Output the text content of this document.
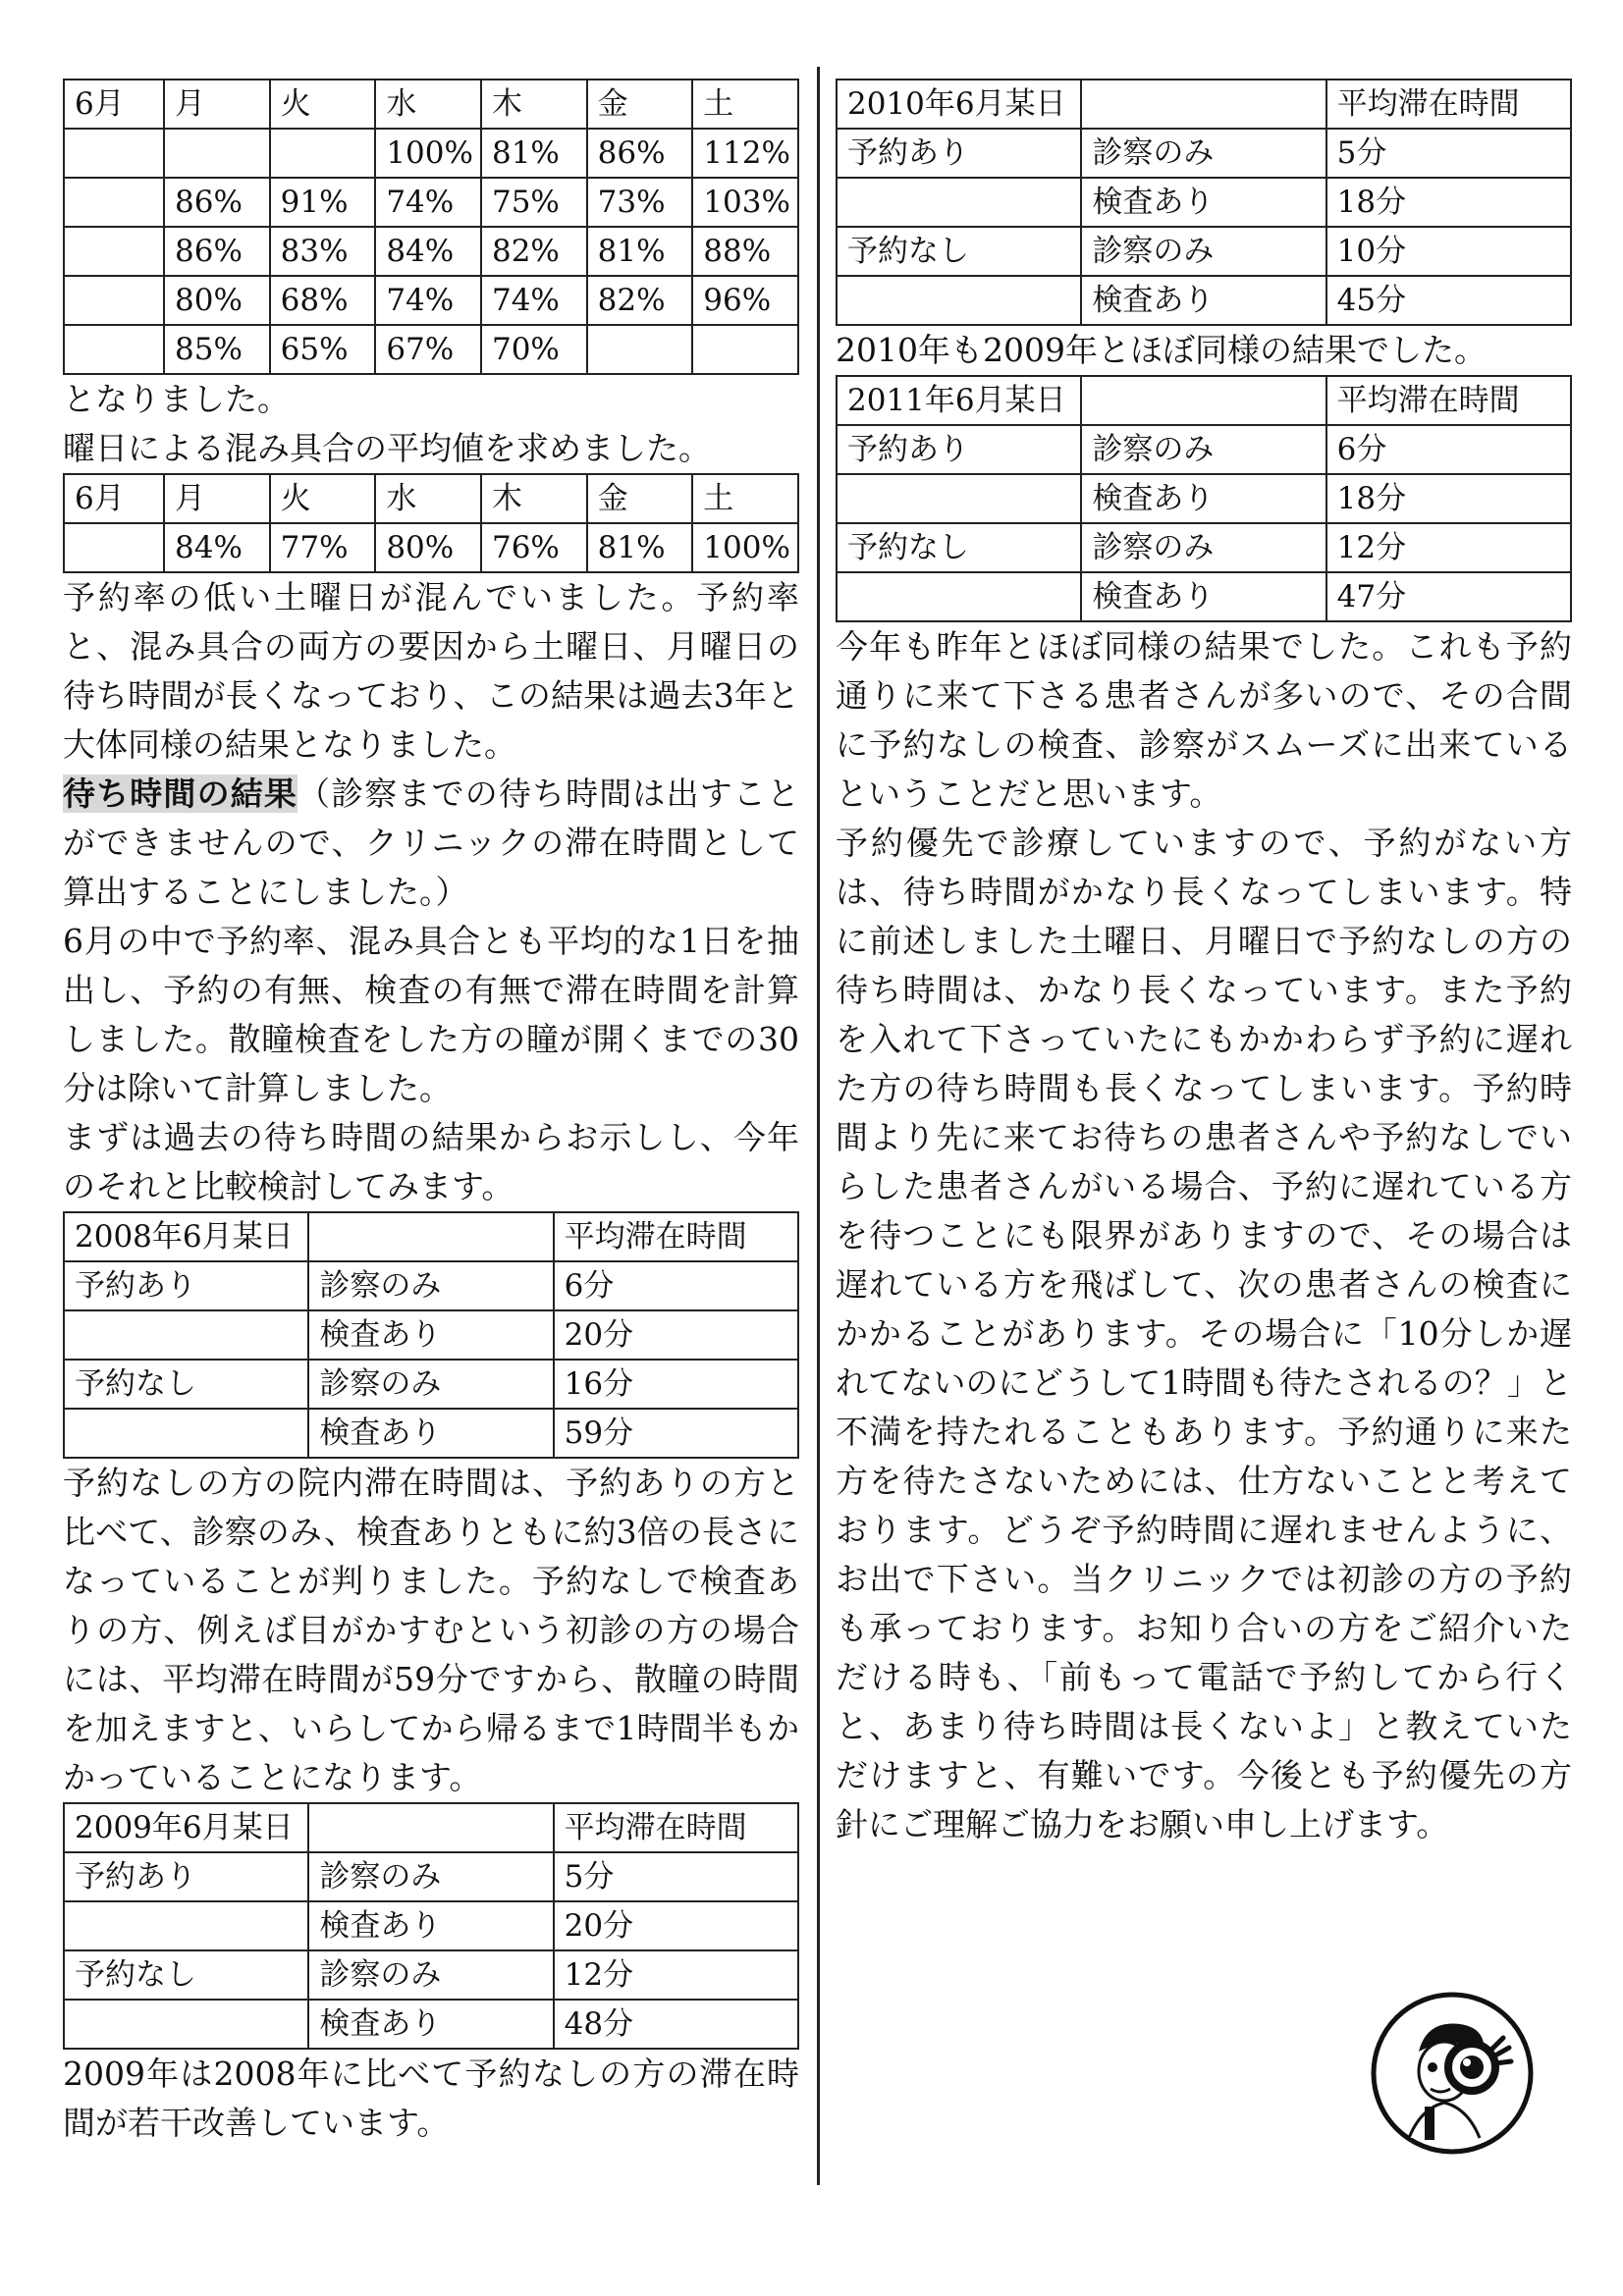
6月	月	火	水	木	金	土
			100%	81%	86%	112%
	86%	91%	74%	75%	73%	103%
	86%	83%	84%	82%	81%	88%
	80%	68%	74%	74%	82%	96%
	85%	65%	67%	70%		

となりました。

曜日による混み具合の平均値を求めました。

6月	月	火	水	木	金	土
	84%	77%	80%	76%	81%	100%

予約率の低い土曜日が混んでいました。予約率と、混み具合の両方の要因から土曜日、月曜日の待ち時間が長くなっており、この結果は過去3年と大体同様の結果となりました。

待ち時間の結果（診察までの待ち時間は出すことができませんので、クリニックの滞在時間として算出することにしました。）

6月の中で予約率、混み具合とも平均的な1日を抽出し、予約の有無、検査の有無で滞在時間を計算しました。散瞳検査をした方の瞳が開くまでの30分は除いて計算しました。

まずは過去の待ち時間の結果からお示しし、今年のそれと比較検討してみます。

2008年6月某日		平均滞在時間
予約あり	診察のみ	6分
	検査あり	20分
予約なし	診察のみ	16分
	検査あり	59分

予約なしの方の院内滞在時間は、予約ありの方と比べて、診察のみ、検査ありともに約3倍の長さになっていることが判りました。予約なしで検査ありの方、例えば目がかすむという初診の方の場合には、平均滞在時間が59分ですから、散瞳の時間を加えますと、いらしてから帰るまで1時間半もかかっていることになります。

2009年6月某日		平均滞在時間
予約あり	診察のみ	5分
	検査あり	20分
予約なし	診察のみ	12分
	検査あり	48分

2009年は2008年に比べて予約なしの方の滞在時間が若干改善しています。

2010年6月某日		平均滞在時間
予約あり	診察のみ	5分
	検査あり	18分
予約なし	診察のみ	10分
	検査あり	45分

2010年も2009年とほぼ同様の結果でした。

2011年6月某日		平均滞在時間
予約あり	診察のみ	6分
	検査あり	18分
予約なし	診察のみ	12分
	検査あり	47分

今年も昨年とほぼ同様の結果でした。これも予約通りに来て下さる患者さんが多いので、その合間に予約なしの検査、診察がスムーズに出来ているということだと思います。

予約優先で診療していますので、予約がない方は、待ち時間がかなり長くなってしまいます。特に前述しました土曜日、月曜日で予約なしの方の待ち時間は、かなり長くなっています。また予約を入れて下さっていたにもかかわらず予約に遅れた方の待ち時間も長くなってしまいます。予約時間より先に来てお待ちの患者さんや予約なしでいらした患者さんがいる場合、予約に遅れている方を待つことにも限界がありますので、その場合は遅れている方を飛ばして、次の患者さんの検査にかかることがあります。その場合に「10分しか遅れてないのにどうして1時間も待たされるの？」と不満を持たれることもあります。予約通りに来た方を待たさないためには、仕方ないことと考えております。どうぞ予約時間に遅れませんように、お出で下さい。当クリニックでは初診の方の予約も承っております。お知り合いの方をご紹介いただける時も、「前もって電話で予約してから行くと、あまり待ち時間は長くないよ」と教えていただけますと、有難いです。今後とも予約優先の方針にご理解ご協力をお願い申し上げます。
